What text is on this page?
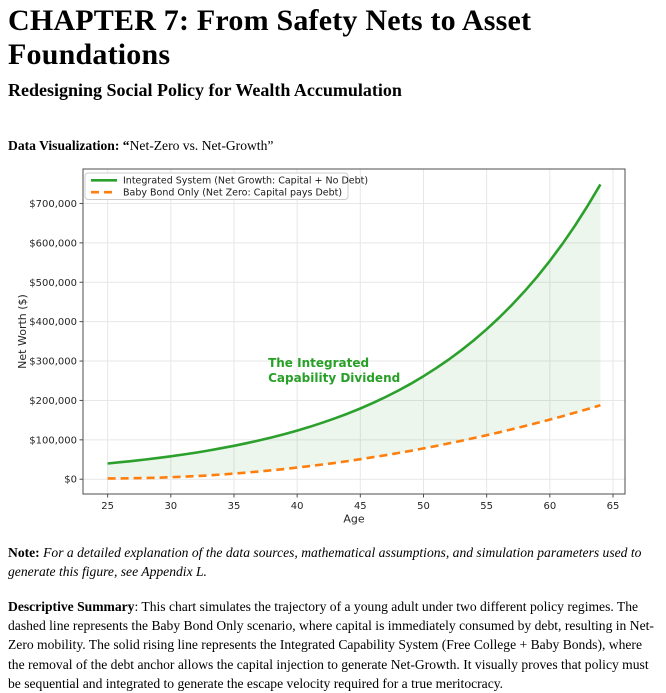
CHAPTER 7: From Safety Nets to Asset Foundations
Redesigning Social Policy for Wealth Accumulation

Data Visualization: “Net-Zero vs. Net-Growth”

25	30	35	40	45	50	55	60	65
$0
$100,000
$200,000
$300,000
$400,000
$500,000
$600,000
$700,000
Age
Net Worth ($)
Integrated System (Net Growth: Capital + No Debt)
Baby Bond Only (Net Zero: Capital pays Debt)
The Integrated
Capability Dividend

Note: For a detailed explanation of the data sources, mathematical assumptions, and simulation parameters used to generate this figure, see Appendix L.

Descriptive Summary: This chart simulates the trajectory of a young adult under two different policy regimes. The dashed line represents the Baby Bond Only scenario, where capital is immediately consumed by debt, resulting in Net-Zero mobility. The solid rising line represents the Integrated Capability System (Free College + Baby Bonds), where the removal of the debt anchor allows the capital injection to generate Net-Growth. It visually proves that policy must be sequential and integrated to generate the escape velocity required for a true meritocracy.
